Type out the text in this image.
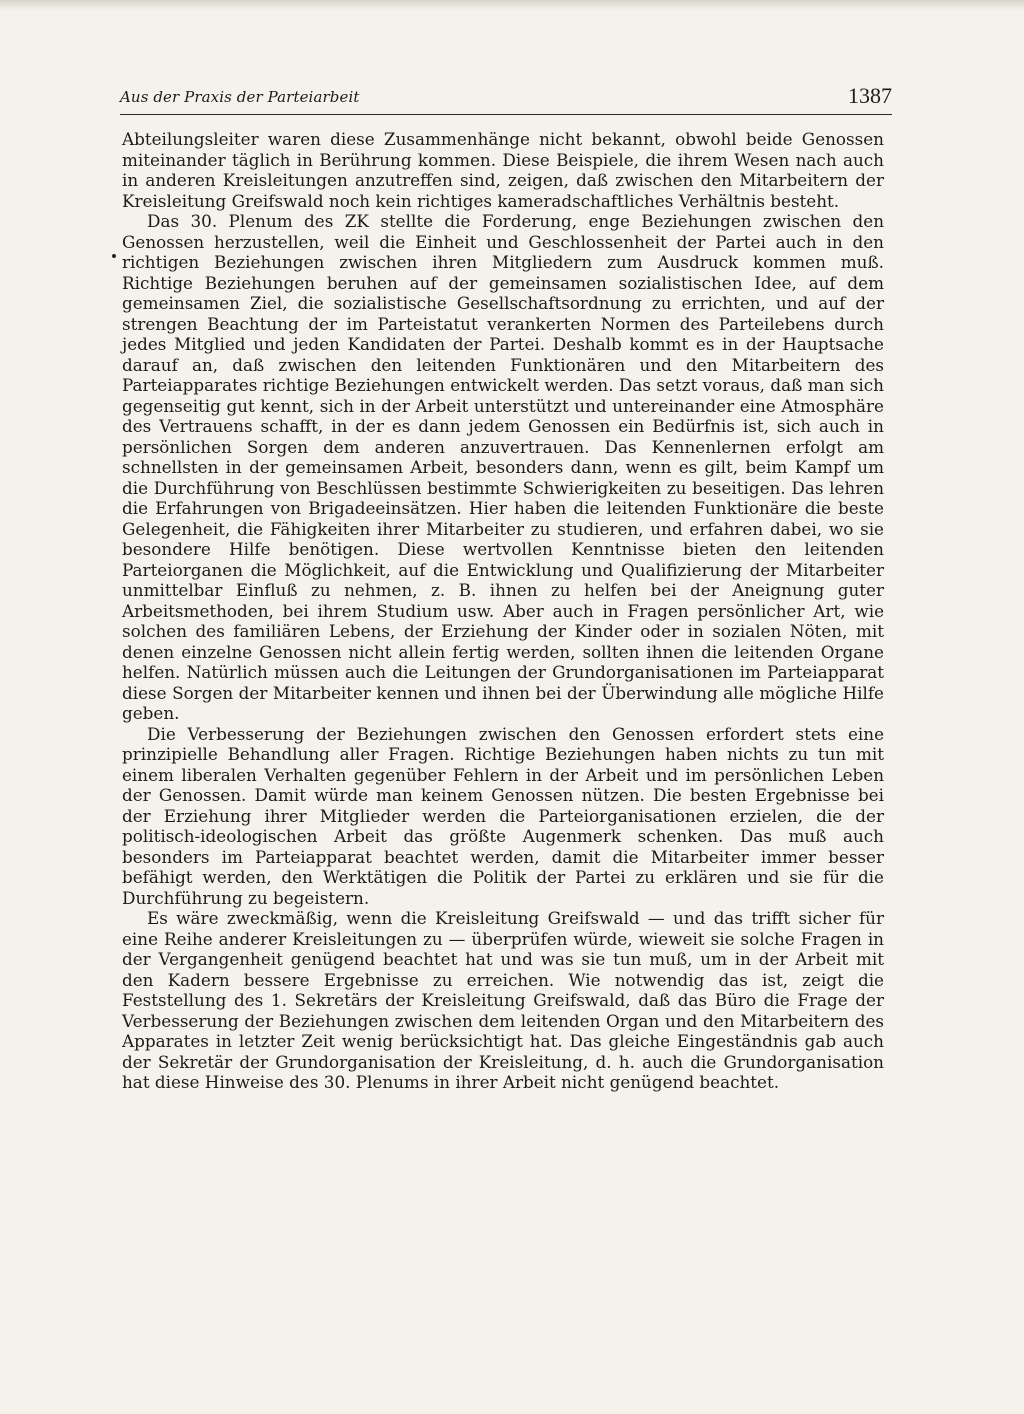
Aus der Praxis der Parteiarbeit	1387

Abteilungsleiter waren diese Zusammenhänge nicht bekannt, obwohl beide Genossen miteinander täglich in Berührung kommen. Diese Beispiele, die ihrem Wesen nach auch in anderen Kreisleitungen anzutreffen sind, zeigen, daß zwischen den Mitarbeitern der Kreisleitung Greifswald noch kein richtiges kameradschaftliches Verhältnis besteht.

Das 30. Plenum des ZK stellte die Forderung, enge Beziehungen zwischen den Genossen herzustellen, weil die Einheit und Geschlossenheit der Partei auch in den richtigen Beziehungen zwischen ihren Mitgliedern zum Ausdruck kommen muß. Richtige Beziehungen beruhen auf der gemeinsamen sozialistischen Idee, auf dem gemeinsamen Ziel, die sozialistische Gesellschaftsordnung zu errichten, und auf der strengen Beachtung der im Parteistatut verankerten Normen des Parteilebens durch jedes Mitglied und jeden Kandidaten der Partei. Deshalb kommt es in der Hauptsache darauf an, daß zwischen den leitenden Funktionären und den Mitarbeitern des Parteiapparates richtige Beziehungen entwickelt werden. Das setzt voraus, daß man sich gegenseitig gut kennt, sich in der Arbeit unterstützt und untereinander eine Atmosphäre des Vertrauens schafft, in der es dann jedem Genossen ein Bedürfnis ist, sich auch in persönlichen Sorgen dem anderen anzuvertrauen. Das Kennenlernen erfolgt am schnellsten in der gemeinsamen Arbeit, besonders dann, wenn es gilt, beim Kampf um die Durchführung von Beschlüssen bestimmte Schwierigkeiten zu beseitigen. Das lehren die Erfahrungen von Brigadeeinsätzen. Hier haben die leitenden Funktionäre die beste Gelegenheit, die Fähigkeiten ihrer Mitarbeiter zu studieren, und erfahren dabei, wo sie besondere Hilfe benötigen. Diese wertvollen Kenntnisse bieten den leitenden Parteiorganen die Möglichkeit, auf die Entwicklung und Qualifizierung der Mitarbeiter unmittelbar Einfluß zu nehmen, z. B. ihnen zu helfen bei der Aneignung guter Arbeitsmethoden, bei ihrem Studium usw. Aber auch in Fragen persönlicher Art, wie solchen des familiären Lebens, der Erziehung der Kinder oder in sozialen Nöten, mit denen einzelne Genossen nicht allein fertig werden, sollten ihnen die leitenden Organe helfen. Natürlich müssen auch die Leitungen der Grundorganisationen im Parteiapparat diese Sorgen der Mitarbeiter kennen und ihnen bei der Überwindung alle mögliche Hilfe geben.

Die Verbesserung der Beziehungen zwischen den Genossen erfordert stets eine prinzipielle Behandlung aller Fragen. Richtige Beziehungen haben nichts zu tun mit einem liberalen Verhalten gegenüber Fehlern in der Arbeit und im persönlichen Leben der Genossen. Damit würde man keinem Genossen nützen. Die besten Ergebnisse bei der Erziehung ihrer Mitglieder werden die Parteiorganisationen erzielen, die der politisch-ideologischen Arbeit das größte Augenmerk schenken. Das muß auch besonders im Parteiapparat beachtet werden, damit die Mitarbeiter immer besser befähigt werden, den Werktätigen die Politik der Partei zu erklären und sie für die Durchführung zu begeistern.

Es wäre zweckmäßig, wenn die Kreisleitung Greifswald — und das trifft sicher für eine Reihe anderer Kreisleitungen zu — überprüfen würde, wieweit sie solche Fragen in der Vergangenheit genügend beachtet hat und was sie tun muß, um in der Arbeit mit den Kadern bessere Ergebnisse zu erreichen. Wie notwendig das ist, zeigt die Feststellung des 1. Sekretärs der Kreisleitung Greifswald, daß das Büro die Frage der Verbesserung der Beziehungen zwischen dem leitenden Organ und den Mitarbeitern des Apparates in letzter Zeit wenig berücksichtigt hat. Das gleiche Eingeständnis gab auch der Sekretär der Grundorganisation der Kreisleitung, d. h. auch die Grundorganisation hat diese Hinweise des 30. Plenums in ihrer Arbeit nicht genügend beachtet.
